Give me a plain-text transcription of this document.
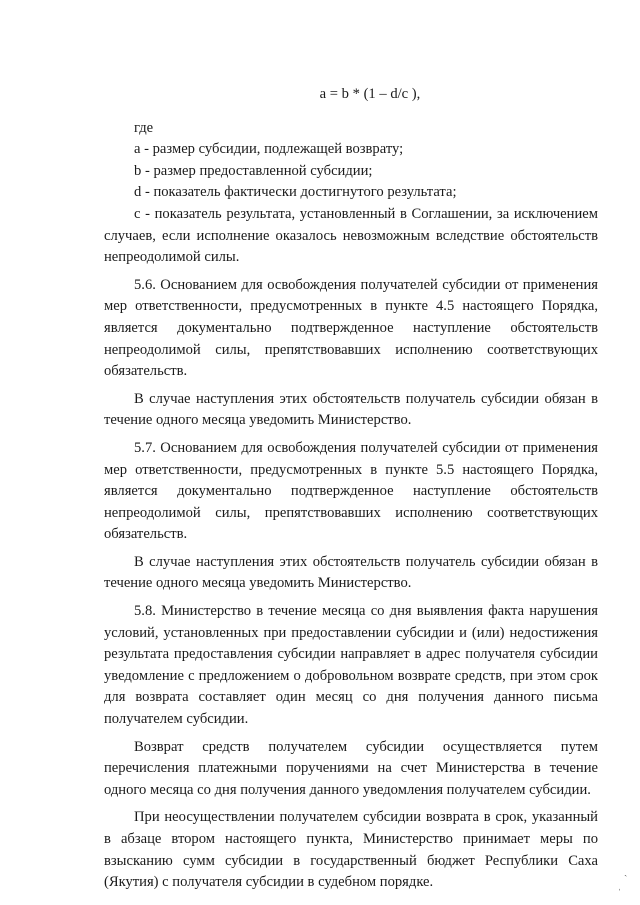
a = b * (1 – d/c ),

где

а - размер субсидии, подлежащей возврату;

b - размер предоставленной субсидии;

d - показатель фактически достигнутого результата;

с - показатель результата, установленный в Соглашении, за исключением случаев, если исполнение оказалось невозможным вследствие обстоятельств непреодолимой силы.

5.6. Основанием для освобождения получателей субсидии от применения мер ответственности, предусмотренных в пункте 4.5 настоящего Порядка, является документально подтвержденное наступление обстоятельств непреодолимой силы, препятствовавших исполнению соответствующих обязательств.

В случае наступления этих обстоятельств получатель субсидии обязан в течение одного месяца уведомить Министерство.

5.7. Основанием для освобождения получателей субсидии от применения мер ответственности, предусмотренных в пункте 5.5 настоящего Порядка, является документально подтвержденное наступление обстоятельств непреодолимой силы, препятствовавших исполнению соответствующих обязательств.

В случае наступления этих обстоятельств получатель субсидии обязан в течение одного месяца уведомить Министерство.

5.8. Министерство в течение месяца со дня выявления факта нарушения условий, установленных при предоставлении субсидии и (или) недостижения результата предоставления субсидии направляет в адрес получателя субсидии уведомление с предложением о добровольном возврате средств, при этом срок для возврата составляет один месяц со дня получения данного письма получателем субсидии.

Возврат средств получателем субсидии осуществляется путем перечисления платежными поручениями на счет Министерства в течение одного месяца со дня получения данного уведомления получателем субсидии.

При неосуществлении получателем субсидии возврата в срок, указанный в абзаце втором настоящего пункта, Министерство принимает меры по взысканию сумм субсидии в государственный бюджет Республики Саха (Якутия) с получателя субсидии в судебном порядке.

ˎ
ˌ
